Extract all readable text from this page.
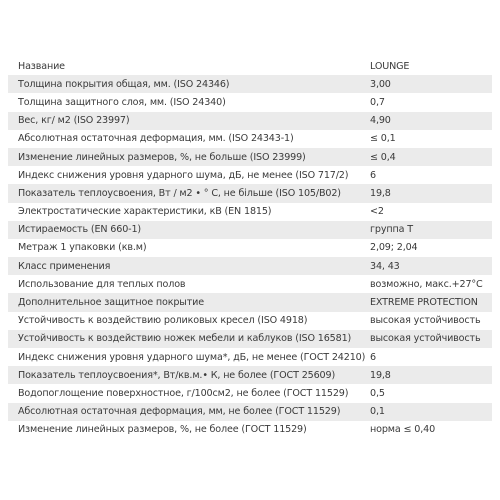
Название	LOUNGE
Толщина покрытия общая, мм. (ISO 24346)	3,00
Толщина защитного слоя, мм. (ISO 24340)	0,7
Вес, кг/ м2 (ISO 23997)	4,90
Абсолютная остаточная деформация, мм. (ISO 24343-1)	≤ 0,1
Изменение линейных размеров, %, не больше (ISO 23999)	≤ 0,4
Индекс снижения уровня ударного шума, дБ, не менее (ISO 717/2)	6
Показатель теплоусвоения, Вт / м2 • ° C, не більше (ISO 105/B02)	19,8
Электростатические характеристики, кВ (EN 1815)	<2
Истираемость (EN 660-1)	группа Т
Метраж 1 упаковки (кв.м)	2,09; 2,04
Класс применения	34, 43
Использование для теплых полов	возможно, макс.+27°C
Дополнительное защитное покрытие	EXTREME PROTECTION
Устойчивость к воздействию роликовых кресел (ISO 4918)	высокая устойчивость
Устойчивость к воздействию ножек мебели и каблуков (ISO 16581)	высокая устойчивость
Индекс снижения уровня ударного шума*, дБ, не менее (ГОСТ 24210) 6
Показатель теплоусвоения*, Вт/кв.м.• К, не более (ГОСТ 25609)	19,8
Водопоглощение поверхностное, г/100см2, не более (ГОСТ 11529)	0,5
Абсолютная остаточная деформация, мм, не более (ГОСТ 11529)	0,1
Изменение линейных размеров, %, не более (ГОСТ 11529)	норма ≤ 0,40
